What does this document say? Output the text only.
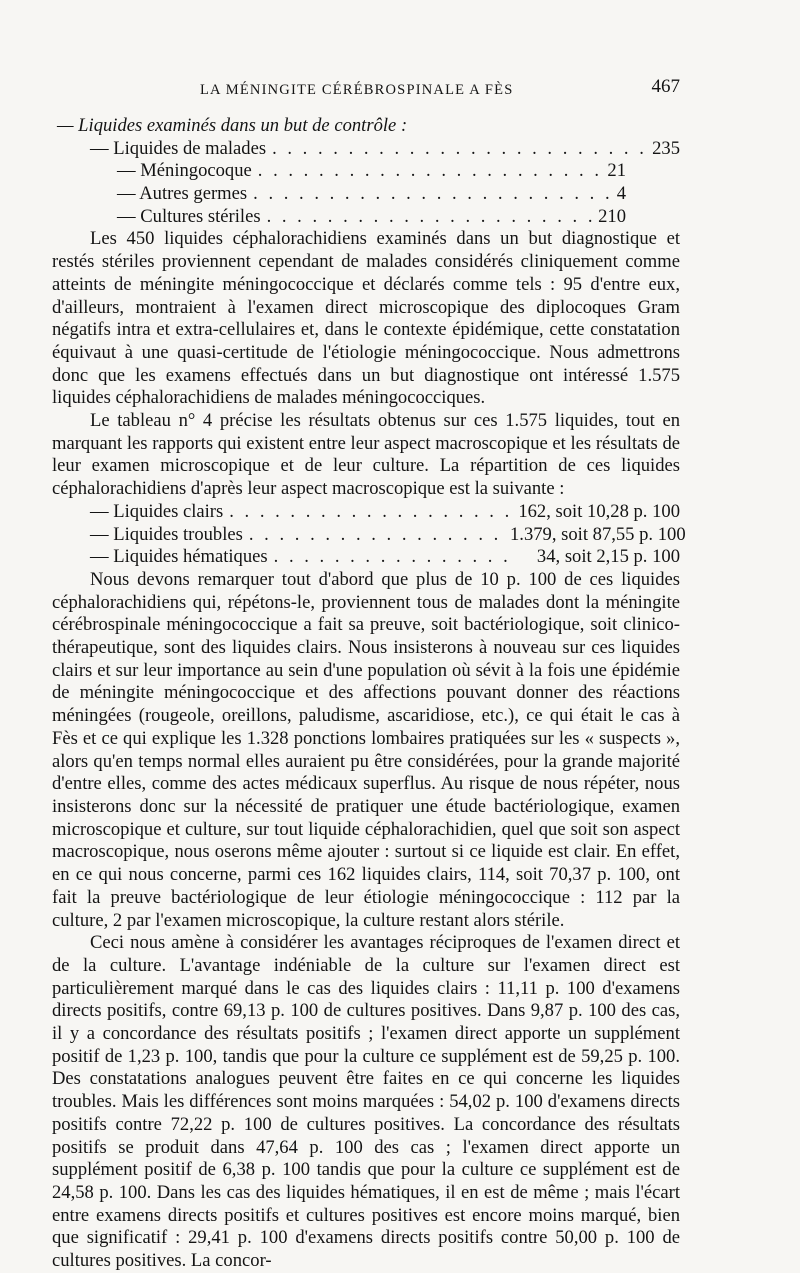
LA MÉNINGITE CÉRÉBROSPINALE A FÈS	467

— Liquides examinés dans un but de contrôle :

— Liquides de malades . . .	235
— Méningocoque . . .	21
— Autres germes . . .	4
— Cultures stériles . . .	210

Les 450 liquides céphalorachidiens examinés dans un but diagnostique et restés stériles proviennent cependant de malades considérés cliniquement comme atteints de méningite méningococcique et déclarés comme tels : 95 d'entre eux, d'ailleurs, montraient à l'examen direct microscopique des diplocoques Gram négatifs intra et extra-cellulaires et, dans le contexte épidémique, cette constatation équivaut à une quasi-certitude de l'étiologie méningococcique. Nous admettrons donc que les examens effectués dans un but diagnostique ont intéressé 1.575 liquides céphalorachidiens de malades méningococciques.

Le tableau n° 4 précise les résultats obtenus sur ces 1.575 liquides, tout en marquant les rapports qui existent entre leur aspect macroscopique et les résultats de leur examen microscopique et de leur culture. La répartition de ces liquides céphalorachidiens d'après leur aspect macroscopique est la suivante :

— Liquides clairs . . .	162, soit 10,28 p. 100
— Liquides troubles . . .	1.379, soit 87,55 p. 100
— Liquides hématiques . . .	34, soit 2,15 p. 100

Nous devons remarquer tout d'abord que plus de 10 p. 100 de ces liquides céphalorachidiens qui, répétons-le, proviennent tous de malades dont la méningite cérébrospinale méningococcique a fait sa preuve, soit bactériologique, soit clinico-thérapeutique, sont des liquides clairs. Nous insisterons à nouveau sur ces liquides clairs et sur leur importance au sein d'une population où sévit à la fois une épidémie de méningite méningococcique et des affections pouvant donner des réactions méningées (rougeole, oreillons, paludisme, ascaridiose, etc.), ce qui était le cas à Fès et ce qui explique les 1.328 ponctions lombaires pratiquées sur les « suspects », alors qu'en temps normal elles auraient pu être considérées, pour la grande majorité d'entre elles, comme des actes médicaux superflus. Au risque de nous répéter, nous insisterons donc sur la nécessité de pratiquer une étude bactériologique, examen microscopique et culture, sur tout liquide céphalorachidien, quel que soit son aspect macroscopique, nous oserons même ajouter : surtout si ce liquide est clair. En effet, en ce qui nous concerne, parmi ces 162 liquides clairs, 114, soit 70,37 p. 100, ont fait la preuve bactériologique de leur étiologie méningococcique : 112 par la culture, 2 par l'examen microscopique, la culture restant alors stérile.

Ceci nous amène à considérer les avantages réciproques de l'examen direct et de la culture. L'avantage indéniable de la culture sur l'examen direct est particulièrement marqué dans le cas des liquides clairs : 11,11 p. 100 d'examens directs positifs, contre 69,13 p. 100 de cultures positives. Dans 9,87 p. 100 des cas, il y a concordance des résultats positifs ; l'examen direct apporte un supplément positif de 1,23 p. 100, tandis que pour la culture ce supplément est de 59,25 p. 100. Des constatations analogues peuvent être faites en ce qui concerne les liquides troubles. Mais les différences sont moins marquées : 54,02 p. 100 d'examens directs positifs contre 72,22 p. 100 de cultures positives. La concordance des résultats positifs se produit dans 47,64 p. 100 des cas ; l'examen direct apporte un supplément positif de 6,38 p. 100 tandis que pour la culture ce supplément est de 24,58 p. 100. Dans les cas des liquides hématiques, il en est de même ; mais l'écart entre examens directs positifs et cultures positives est encore moins marqué, bien que significatif : 29,41 p. 100 d'examens directs positifs contre 50,00 p. 100 de cultures positives. La concor-
